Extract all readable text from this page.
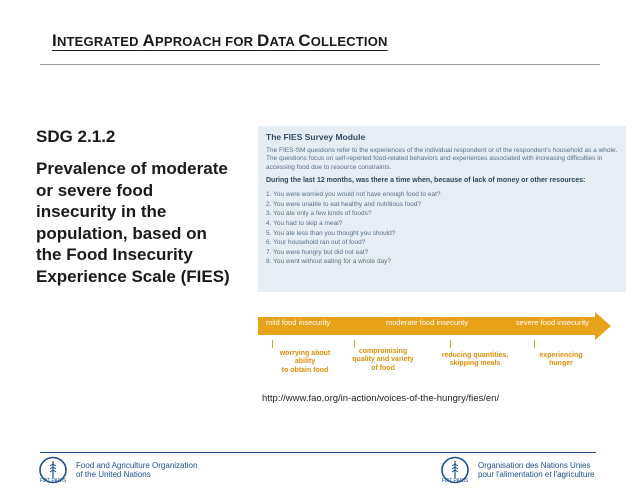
INTEGRATED APPROACH FOR DATA COLLECTION
SDG 2.1.2
Prevalence of moderate or severe food insecurity in the population, based on the Food Insecurity Experience Scale (FIES)
The FIES Survey Module
The FIES-SM questions refer to the experiences of the individual respondent or of the respondent's household as a whole. The questions focus on self-reported food-related behaviors and experiences associated with increasing difficulties in accessing food due to resource constraints.
During the last 12 months, was there a time when, because of lack of money or other resources:
1. You were worried you would not have enough food to eat?
2. You were unable to eat healthy and nutritious food?
3. You ate only a few kinds of foods?
4. You had to skip a meal?
5. You ate less than you thought you should?
6. Your household ran out of food?
7. You were hungry but did not eat?
8. You went without eating for a whole day?
mild food insecurity	moderate food insecurity	severe food insecurity
worrying about
ability
to obtain food
compromising
quality and variety
of food
reducing quantities,
skipping meals
experiencing
hunger
http://www.fao.org/in-action/voices-of-the-hungry/fies/en/
FIAT PANIS
Food and Agriculture Organization
of the United Nations
FIAT PANIS
Organisation des Nations Unies
pour l'alimentation et l'agriculture
